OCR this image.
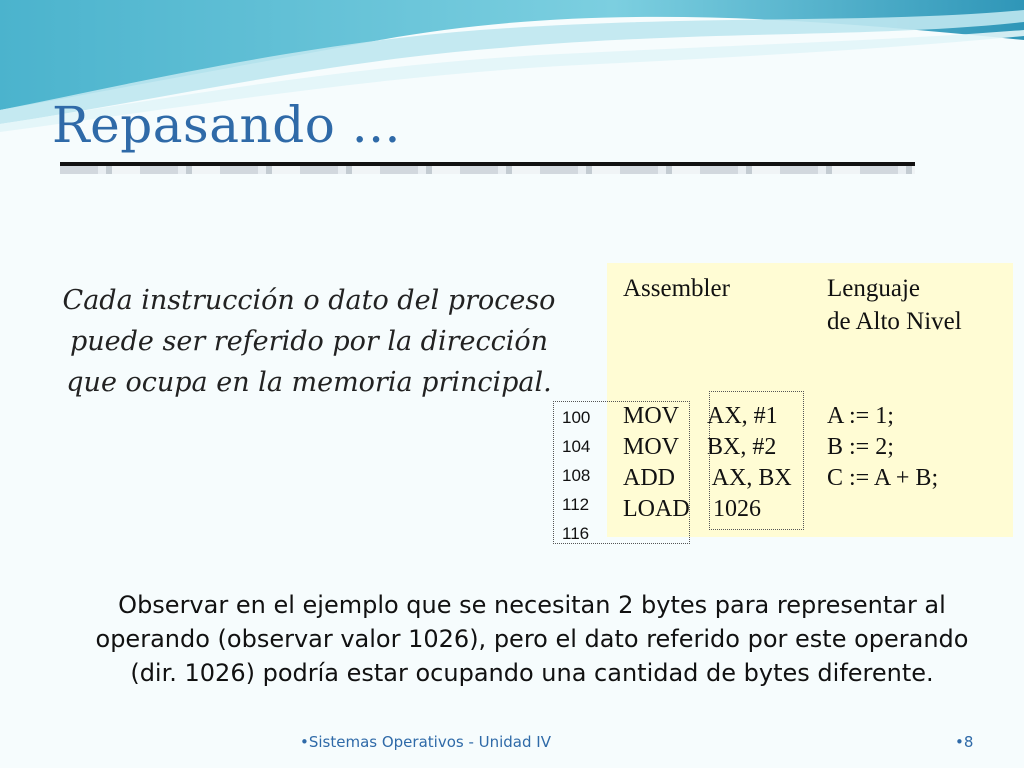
Repasando ...
Cada instrucción o dato del proceso puede ser referido por la dirección que ocupa en la memoria principal.
Assembler	Lenguaje
de Alto Nivel
MOV
MOV
ADD
LOAD
AX, #1
BX, #2
AX, BX
1026
A := 1;
B := 2;
C := A + B;
100
104
108
112
116
Observar en el ejemplo que se necesitan 2 bytes para representar al operando (observar valor 1026), pero el dato referido por este operando (dir. 1026) podría estar ocupando una cantidad de bytes diferente.
•Sistemas Operativos - Unidad IV	•8
